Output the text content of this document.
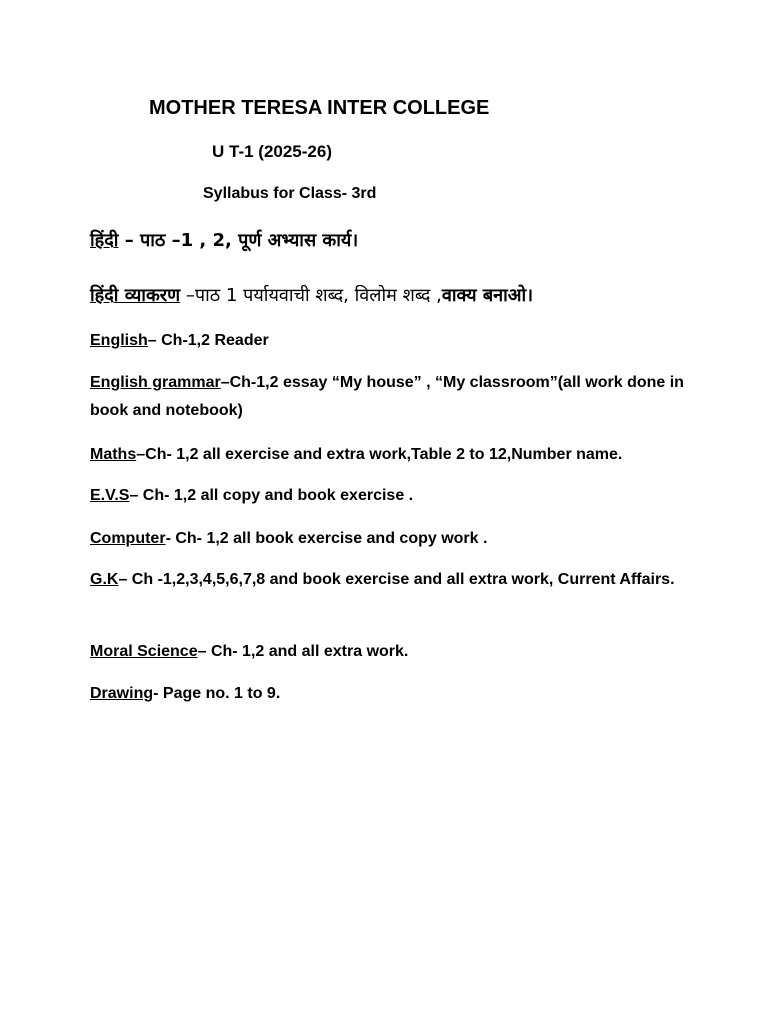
MOTHER TERESA INTER COLLEGE
U T-1 (2025-26)
Syllabus for Class- 3rd
हिंदी – पाठ –1 , 2, पूर्ण अभ्यास कार्य।
हिंदी व्याकरण –पाठ 1 पर्यायवाची शब्द, विलोम शब्द ,वाक्य बनाओ।
English– Ch-1,2 Reader
English grammar–Ch-1,2 essay “My house” , “My classroom”(all work done in book and notebook)
Maths–Ch- 1,2 all exercise and extra work,Table 2 to 12,Number name.
E.V.S– Ch- 1,2 all copy and book exercise .
Computer- Ch- 1,2 all book exercise and copy work .
G.K– Ch -1,2,3,4,5,6,7,8 and book exercise and all extra work, Current Affairs.
Moral Science– Ch- 1,2 and all extra work.
Drawing- Page no. 1 to 9.
